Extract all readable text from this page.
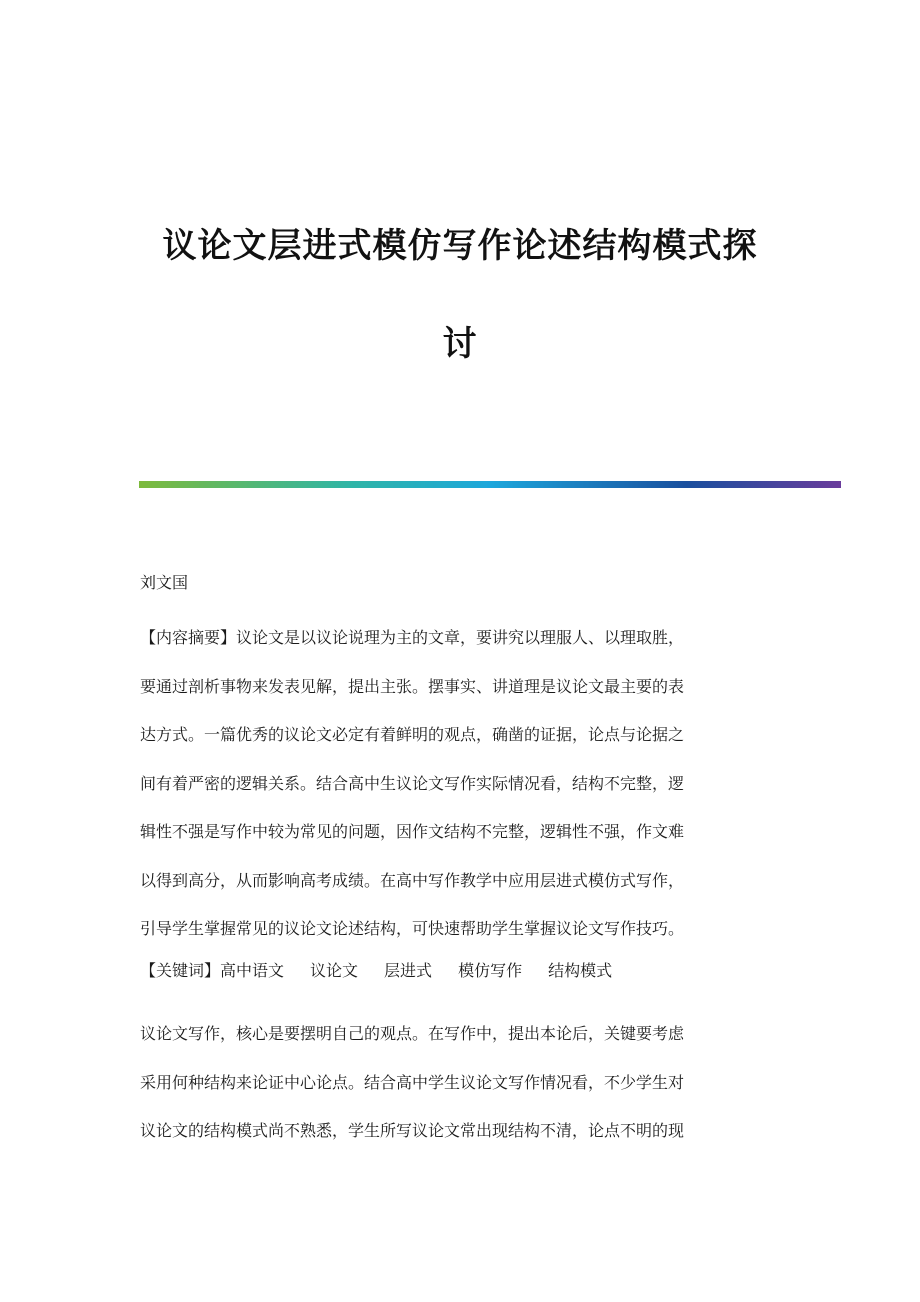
议论文层进式模仿写作论述结构模式探
讨
刘文国
【内容摘要】议论文是以议论说理为主的文章，要讲究以理服人、以理取胜，
要通过剖析事物来发表见解，提出主张。摆事实、讲道理是议论文最主要的表
达方式。一篇优秀的议论文必定有着鲜明的观点，确凿的证据，论点与论据之
间有着严密的逻辑关系。结合高中生议论文写作实际情况看，结构不完整，逻
辑性不强是写作中较为常见的问题，因作文结构不完整，逻辑性不强，作文难
以得到高分，从而影响高考成绩。在高中写作教学中应用层进式模仿式写作，
引导学生掌握常见的议论文论述结构，可快速帮助学生掌握议论文写作技巧。
【关键词】高中语文 议论文 层进式 模仿写作 结构模式
议论文写作，核心是要摆明自己的观点。在写作中，提出本论后，关键要考虑
采用何种结构来论证中心论点。结合高中学生议论文写作情况看，不少学生对
议论文的结构模式尚不熟悉，学生所写议论文常出现结构不清，论点不明的现
